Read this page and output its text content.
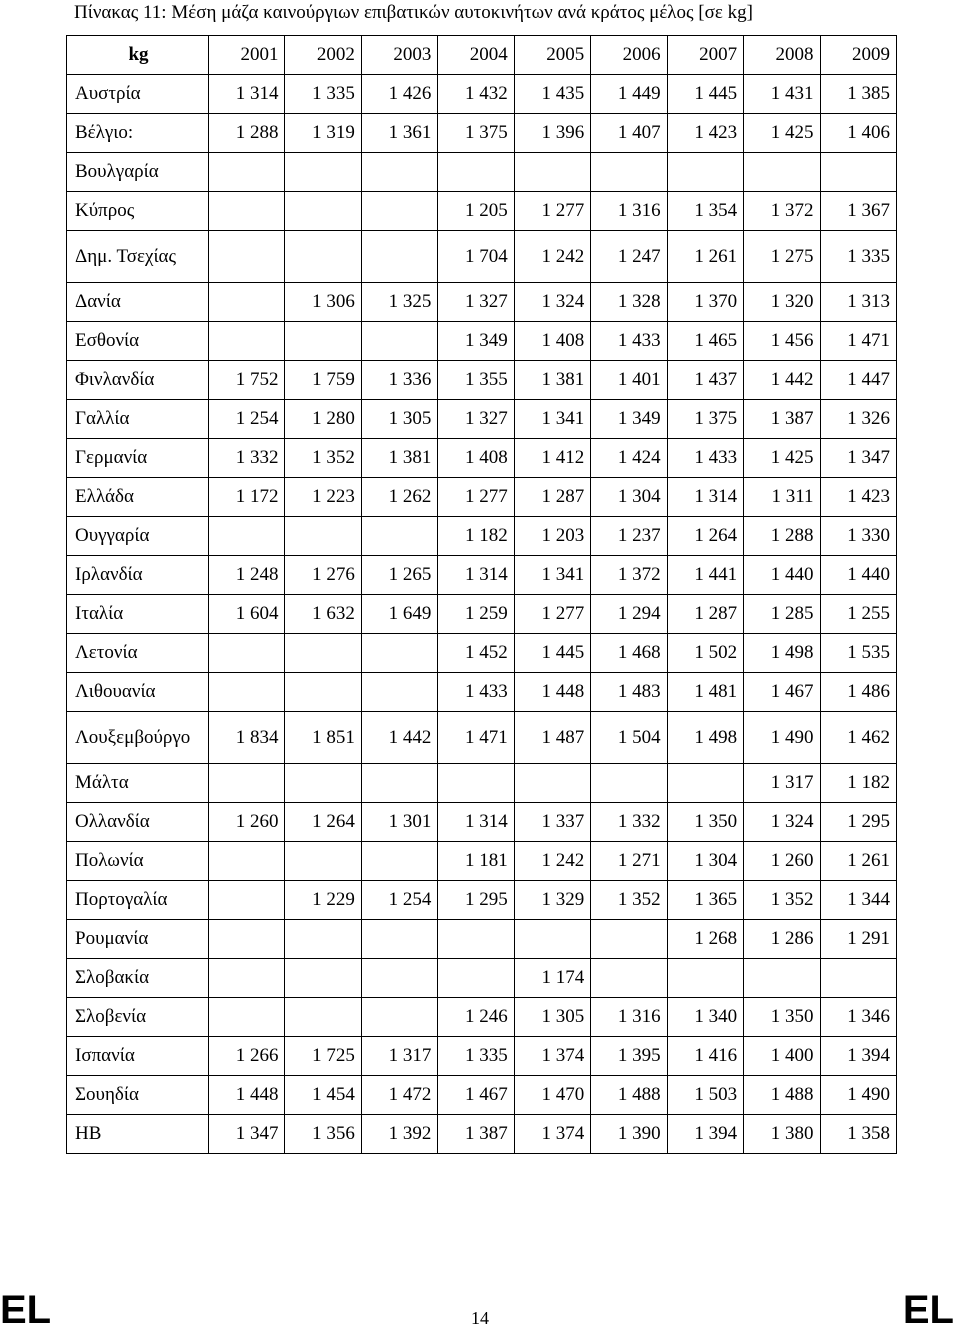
Πίνακας 11: Μέση μάζα καινούργιων επιβατικών αυτοκινήτων ανά κράτος μέλος [σε kg]
kg	2001	2002	2003	2004	2005	2006	2007	2008	2009
Αυστρία	1 314	1 335	1 426	1 432	1 435	1 449	1 445	1 431	1 385
Βέλγιο:	1 288	1 319	1 361	1 375	1 396	1 407	1 423	1 425	1 406
Βουλγαρία									
Κύπρος				1 205	1 277	1 316	1 354	1 372	1 367
Δημ. Τσεχίας				1 704	1 242	1 247	1 261	1 275	1 335
Δανία		1 306	1 325	1 327	1 324	1 328	1 370	1 320	1 313
Εσθονία				1 349	1 408	1 433	1 465	1 456	1 471
Φινλανδία	1 752	1 759	1 336	1 355	1 381	1 401	1 437	1 442	1 447
Γαλλία	1 254	1 280	1 305	1 327	1 341	1 349	1 375	1 387	1 326
Γερμανία	1 332	1 352	1 381	1 408	1 412	1 424	1 433	1 425	1 347
Ελλάδα	1 172	1 223	1 262	1 277	1 287	1 304	1 314	1 311	1 423
Ουγγαρία				1 182	1 203	1 237	1 264	1 288	1 330
Ιρλανδία	1 248	1 276	1 265	1 314	1 341	1 372	1 441	1 440	1 440
Ιταλία	1 604	1 632	1 649	1 259	1 277	1 294	1 287	1 285	1 255
Λετονία				1 452	1 445	1 468	1 502	1 498	1 535
Λιθουανία				1 433	1 448	1 483	1 481	1 467	1 486
Λουξεμβούργο	1 834	1 851	1 442	1 471	1 487	1 504	1 498	1 490	1 462
Μάλτα								1 317	1 182
Ολλανδία	1 260	1 264	1 301	1 314	1 337	1 332	1 350	1 324	1 295
Πολωνία				1 181	1 242	1 271	1 304	1 260	1 261
Πορτογαλία		1 229	1 254	1 295	1 329	1 352	1 365	1 352	1 344
Ρουμανία							1 268	1 286	1 291
Σλοβακία					1 174				
Σλοβενία				1 246	1 305	1 316	1 340	1 350	1 346
Ισπανία	1 266	1 725	1 317	1 335	1 374	1 395	1 416	1 400	1 394
Σουηδία	1 448	1 454	1 472	1 467	1 470	1 488	1 503	1 488	1 490
ΗΒ	1 347	1 356	1 392	1 387	1 374	1 390	1 394	1 380	1 358
EL	14	EL
